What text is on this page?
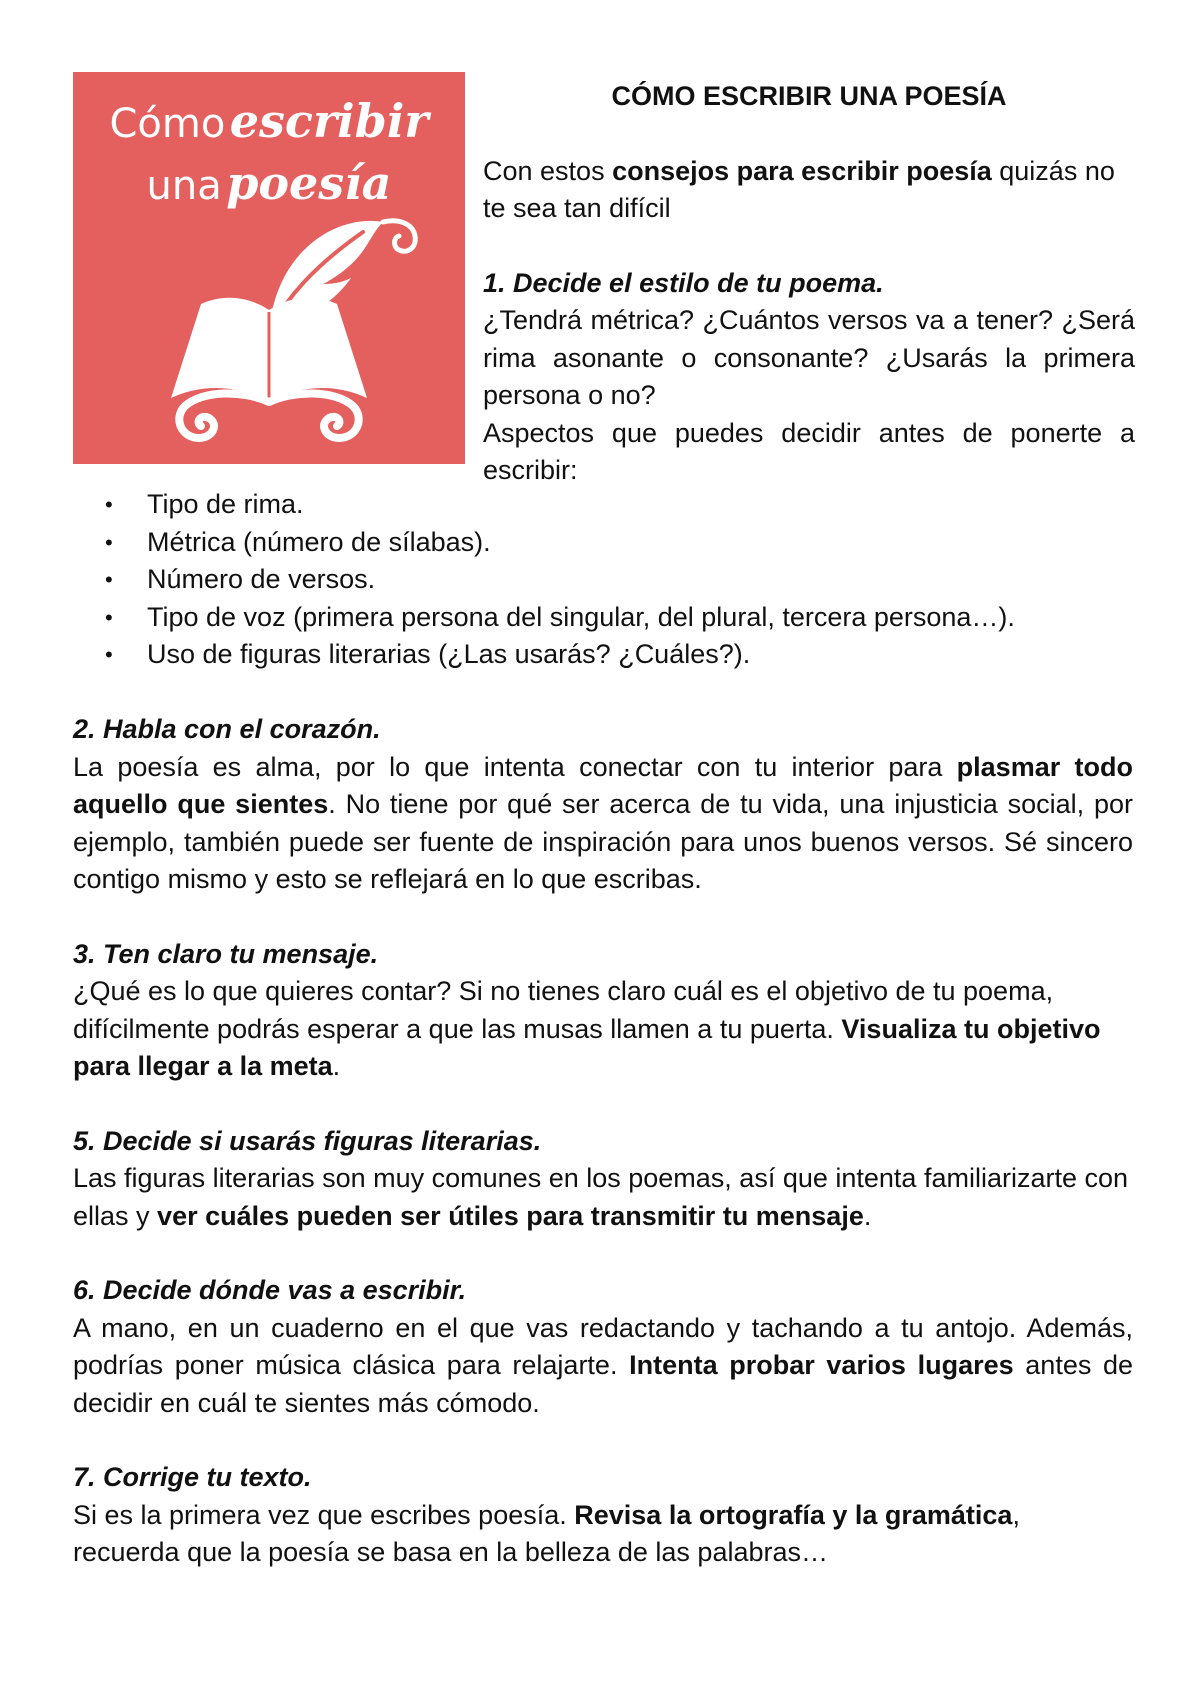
Cómo escribir
una poesía
CÓMO ESCRIBIR UNA POESÍA

Con estos consejos para escribir poesía quizás no te sea tan difícil

1. Decide el estilo de tu poema.
¿Tendrá métrica? ¿Cuántos versos va a tener? ¿Será rima asonante o consonante? ¿Usarás la primera persona o no?
Aspectos que puedes decidir antes de ponerte a escribir:
• Tipo de rima.
• Métrica (número de sílabas).
• Número de versos.
• Tipo de voz (primera persona del singular, del plural, tercera persona…).
• Uso de figuras literarias (¿Las usarás? ¿Cuáles?).
2. Habla con el corazón.

La poesía es alma, por lo que intenta conectar con tu interior para plasmar todo aquello que sientes. No tiene por qué ser acerca de tu vida, una injusticia social, por ejemplo, también puede ser fuente de inspiración para unos buenos versos. Sé sincero contigo mismo y esto se reflejará en lo que escribas.

3. Ten claro tu mensaje.

¿Qué es lo que quieres contar? Si no tienes claro cuál es el objetivo de tu poema, difícilmente podrás esperar a que las musas llamen a tu puerta. Visualiza tu objetivo para llegar a la meta.

5. Decide si usarás figuras literarias.

Las figuras literarias son muy comunes en los poemas, así que intenta familiarizarte con ellas y ver cuáles pueden ser útiles para transmitir tu mensaje.

6. Decide dónde vas a escribir.

A mano, en un cuaderno en el que vas redactando y tachando a tu antojo. Además, podrías poner música clásica para relajarte. Intenta probar varios lugares antes de decidir en cuál te sientes más cómodo.

7. Corrige tu texto.

Si es la primera vez que escribes poesía. Revisa la ortografía y la gramática, recuerda que la poesía se basa en la belleza de las palabras…
